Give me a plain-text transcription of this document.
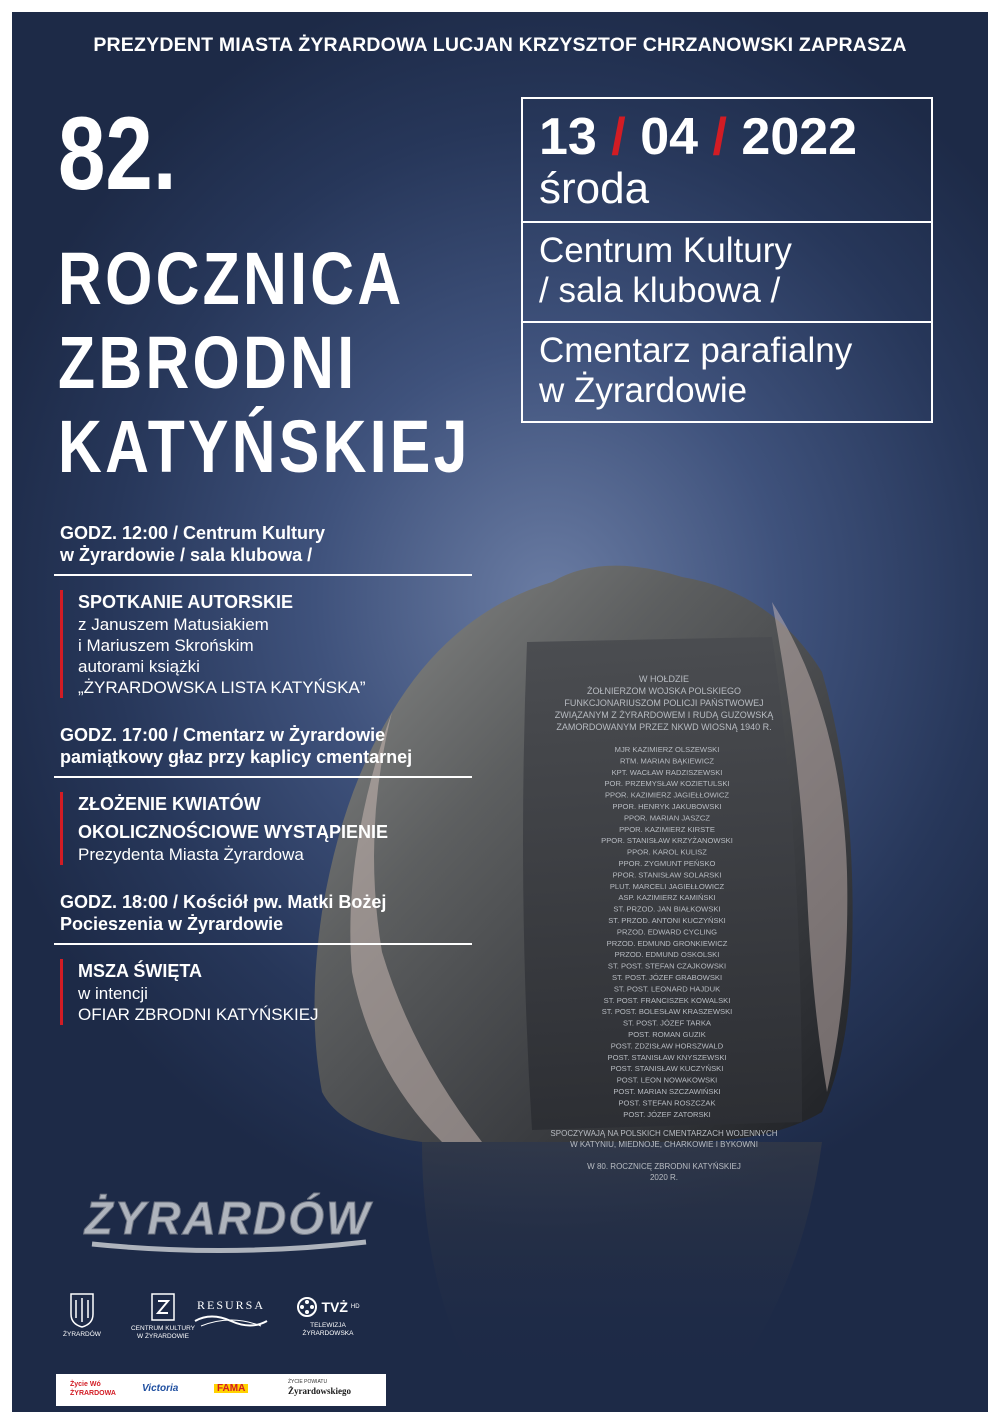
PREZYDENT MIASTA ŻYRARDOWA LUCJAN KRZYSZTOF CHRZANOWSKI ZAPRASZA
82.
ROCZNICA
ZBRODNI
KATYŃSKIEJ
13 / 04 / 2022
środa
Centrum Kultury
/ sala klubowa /
Cmentarz parafialny
w Żyrardowie
W HOŁDZIE
ŻOŁNIERZOM WOJSKA POLSKIEGO
FUNKCJONARIUSZOM POLICJI PAŃSTWOWEJ
ZWIĄZANYM Z ŻYRARDOWEM I RUDĄ GUZOWSKĄ
ZAMORDOWANYM PRZEZ NKWD WIOSNĄ 1940 R.
MJR KAZIMIERZ OLSZEWSKI
RTM. MARIAN BĄKIEWICZ
KPT. WACŁAW RADZISZEWSKI
POR. PRZEMYSŁAW KOZIETULSKI
PPOR. KAZIMIERZ JAGIEŁŁOWICZ
PPOR. HENRYK JAKUBOWSKI
PPOR. MARIAN JASZCZ
PPOR. KAZIMIERZ KIRSTE
PPOR. STANISŁAW KRZYŻANOWSKI
PPOR. KAROL KULISZ
PPOR. ZYGMUNT PEŃSKO
PPOR. STANISŁAW SOLARSKI
PLUT. MARCELI JAGIEŁŁOWICZ
ASP. KAZIMIERZ KAMIŃSKI
ST. PRZOD. JAN BIAŁKOWSKI
ST. PRZOD. ANTONI KUCZYŃSKI
PRZOD. EDWARD CYCLING
PRZOD. EDMUND GRONKIEWICZ
PRZOD. EDMUND OSKOLSKI
ST. POST. STEFAN CZAJKOWSKI
ST. POST. JÓZEF GRABOWSKI
ST. POST. LEONARD HAJDUK
ST. POST. FRANCISZEK KOWALSKI
ST. POST. BOLESŁAW KRASZEWSKI
ST. POST. JÓZEF TARKA
POST. ROMAN GUZIK
POST. ZDZISŁAW HORSZWALD
POST. STANISŁAW KNYSZEWSKI
POST. STANISŁAW KUCZYŃSKI
POST. LEON NOWAKOWSKI
POST. MARIAN SZCZAWIŃSKI
POST. STEFAN ROSZCZAK
POST. JÓZEF ZATORSKI
SPOCZYWAJĄ NA POLSKICH CMENTARZACH WOJENNYCH
W KATYNIU, MIEDNOJE, CHARKOWIE I BYKOWNI
W 80. ROCZNICĘ ZBRODNI KATYŃSKIEJ
2020 R.
GODZ. 12:00 / Centrum Kultury
w Żyrardowie / sala klubowa /
SPOTKANIE AUTORSKIE
z Januszem Matusiakiem
i Mariuszem Skrońskim
autorami książki
„ŻYRARDOWSKA LISTA KATYŃSKA”
GODZ. 17:00 / Cmentarz w Żyrardowie
pamiątkowy głaz przy kaplicy cmentarnej
ZŁOŻENIE KWIATÓW
OKOLICZNOŚCIOWE WYSTĄPIENIE
Prezydenta Miasta Żyrardowa
GODZ. 18:00 / Kościół pw. Matki Bożej
Pocieszenia w Żyrardowie
MSZA ŚWIĘTA
w intencji
OFIAR ZBRODNI KATYŃSKIEJ
ŻYRARDÓW
ŻYRARDÓW
CENTRUM KULTURY
W ŻYRARDOWIE
RESURSA	TVŻ HD
TELEWIZJA ŻYRARDOWSKA
Życie Wó ŻYRARDOWA	Victoria	FAMA
ŻYCIE POWIATU
Żyrardowskiego
